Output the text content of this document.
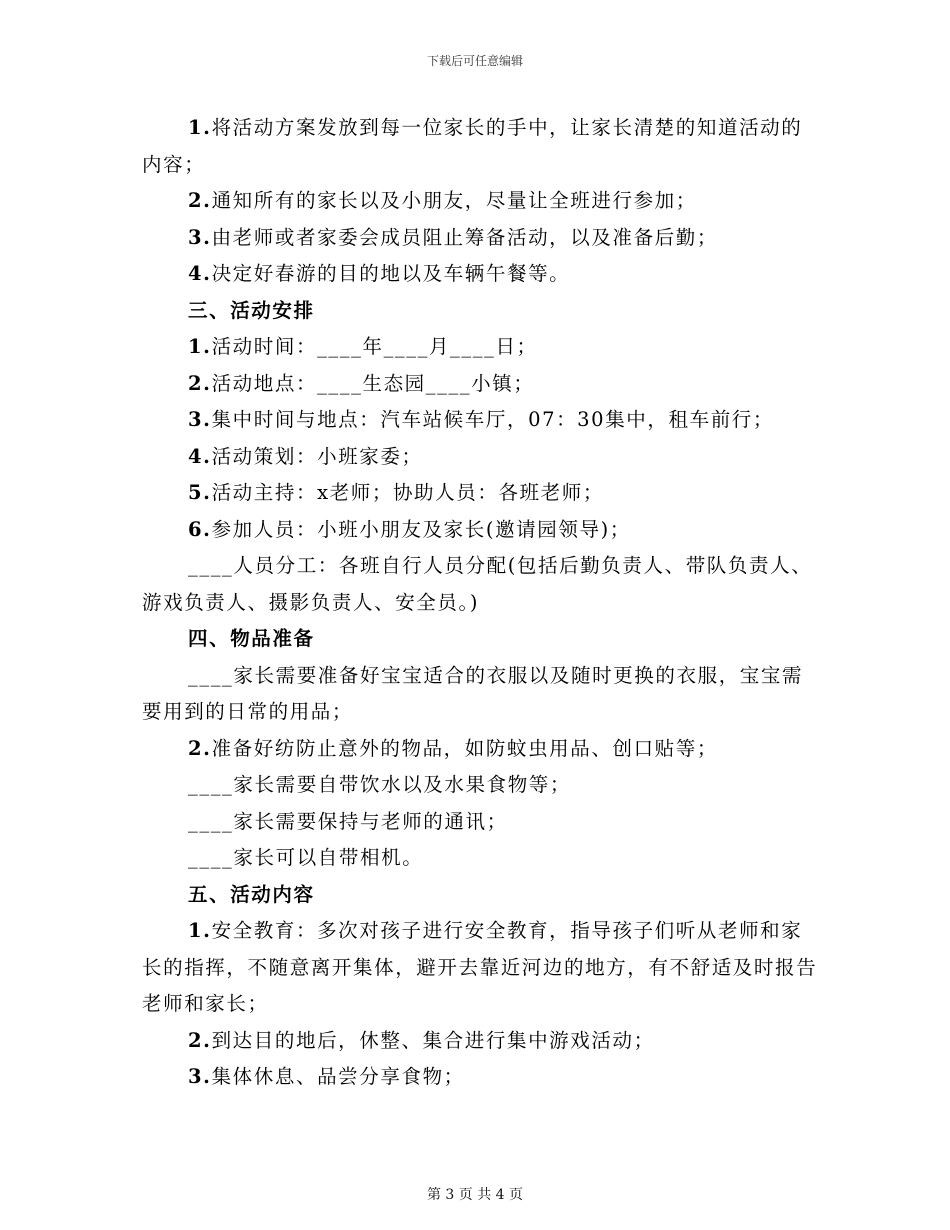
下载后可任意编辑

1.将活动方案发放到每一位家长的手中，让家长清楚的知道活动的内容；

2.通知所有的家长以及小朋友，尽量让全班进行参加；

3.由老师或者家委会成员阻止筹备活动，以及准备后勤；

4.决定好春游的目的地以及车辆午餐等。

三、活动安排

1.活动时间：____年____月____日；

2.活动地点：____生态园____小镇；

3.集中时间与地点：汽车站候车厅，07：30集中，租车前行；

4.活动策划：小班家委；

5.活动主持：x老师；协助人员：各班老师；

6.参加人员：小班小朋友及家长(邀请园领导)；

____人员分工：各班自行人员分配(包括后勤负责人、带队负责人、游戏负责人、摄影负责人、安全员。)

四、物品准备

____家长需要准备好宝宝适合的衣服以及随时更换的衣服，宝宝需要用到的日常的用品；

2.准备好纺防止意外的物品，如防蚊虫用品、创口贴等；

____家长需要自带饮水以及水果食物等；

____家长需要保持与老师的通讯；

____家长可以自带相机。

五、活动内容

1.安全教育：多次对孩子进行安全教育，指导孩子们听从老师和家长的指挥，不随意离开集体，避开去靠近河边的地方，有不舒适及时报告老师和家长；

2.到达目的地后，休整、集合进行集中游戏活动；

3.集体休息、品尝分享食物；

第 3 页 共 4 页
